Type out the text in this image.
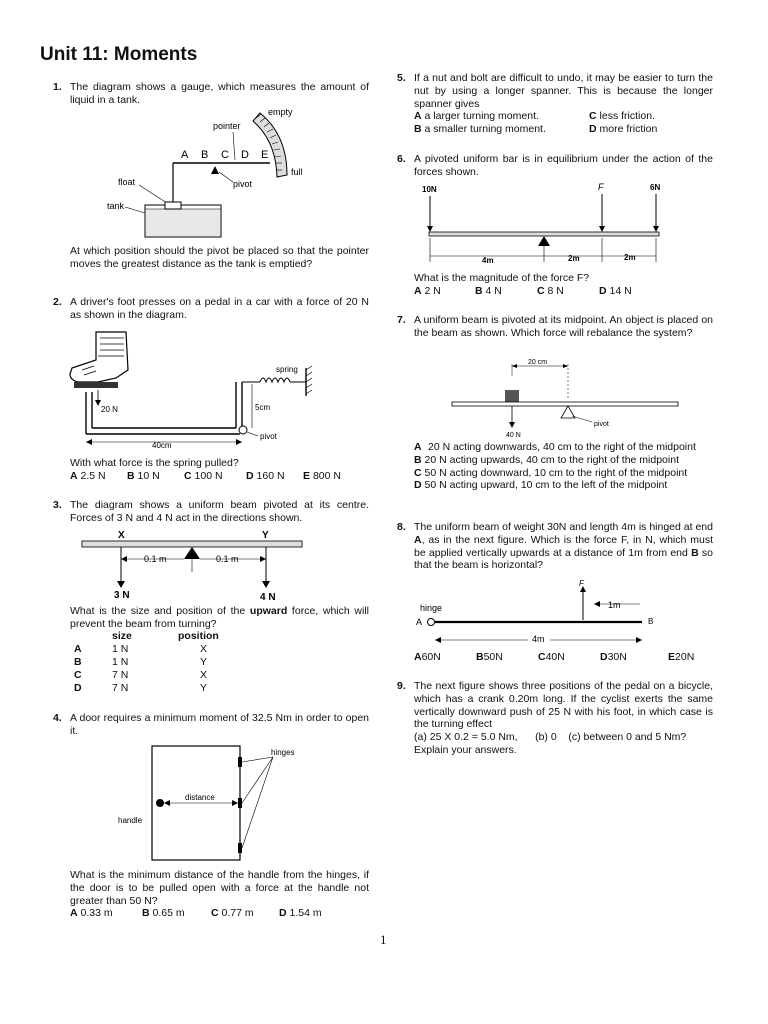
Unit 11: Moments
1. The diagram shows a gauge, which measures the amount of liquid in a tank.

empty
pointer
full
A B C D E
pivot
float
tank

At which position should the pivot be placed so that the pointer moves the greatest distance as the tank is emptied?

2. A driver's foot presses on a pedal in a car with a force of 20 N as shown in the diagram.

20 N
pivot
spring
5cm
40cm

With what force is the spring pulled?

A 2.5 N B 10 N C 100 N D 160 N E 800 N
3. The diagram shows a uniform beam pivoted at its centre. Forces of 3 N and 4 N act in the directions shown.

X	Y
0.1 m	0.1 m
3 N	4 N

What is the size and position of the upward force, which will prevent the beam from turning?

	size	position
A	1 N	X
B	1 N	Y
C	7 N	X
D	7 N	Y
4. A door requires a minimum moment of 32.5 Nm in order to open it.

hinges
distance
handle

What is the minimum distance of the handle from the hinges, if the door is to be pulled open with a force at the handle not greater than 50 N?

A 0.33 m	B 0.65 m	C 0.77 m D 1.54 m
5. If a nut and bolt are difficult to undo, it may be easier to turn the nut by using a longer spanner. This is because the longer spanner gives

A a larger turning moment.	C less friction.
B a smaller turning moment.	D more friction
6. A pivoted uniform bar is in equilibrium under the action of the forces shown.

10N	F	6N
4m	2m	2m

What is the magnitude of the force F?

A 2 N	B 4 N	C 8 N	D 14 N
7. A uniform beam is pivoted at its midpoint. An object is placed on the beam as shown. Which force will rebalance the system?

20 cm
pivot
40 N
A 20 N acting downwards, 40 cm to the right of the midpoint
B 20 N acting upwards, 40 cm to the right of the midpoint
C 50 N acting downward, 10 cm to the right of the midpoint
D 50 N acting upward, 10 cm to the left of the midpoint
8. The uniform beam of weight 30N and length 4m is hinged at end A, as in the next figure. Which is the force F, in N, which must be applied vertically upwards at a distance of 1m from end B so that the beam is horizontal?

F
1m
hinge
A	B
4m
A60N	B50N	C40N	D30N	E20N
9. The next figure shows three positions of the pedal on a bicycle, which has a crank 0.20m long. If the cyclist exerts the same vertically downward push of 25 N with his foot, in which case is the turning effect

(a) 25 X 0.2 = 5.0 Nm,      (b) 0    (c) between 0 and 5 Nm?
Explain your answers.
1
